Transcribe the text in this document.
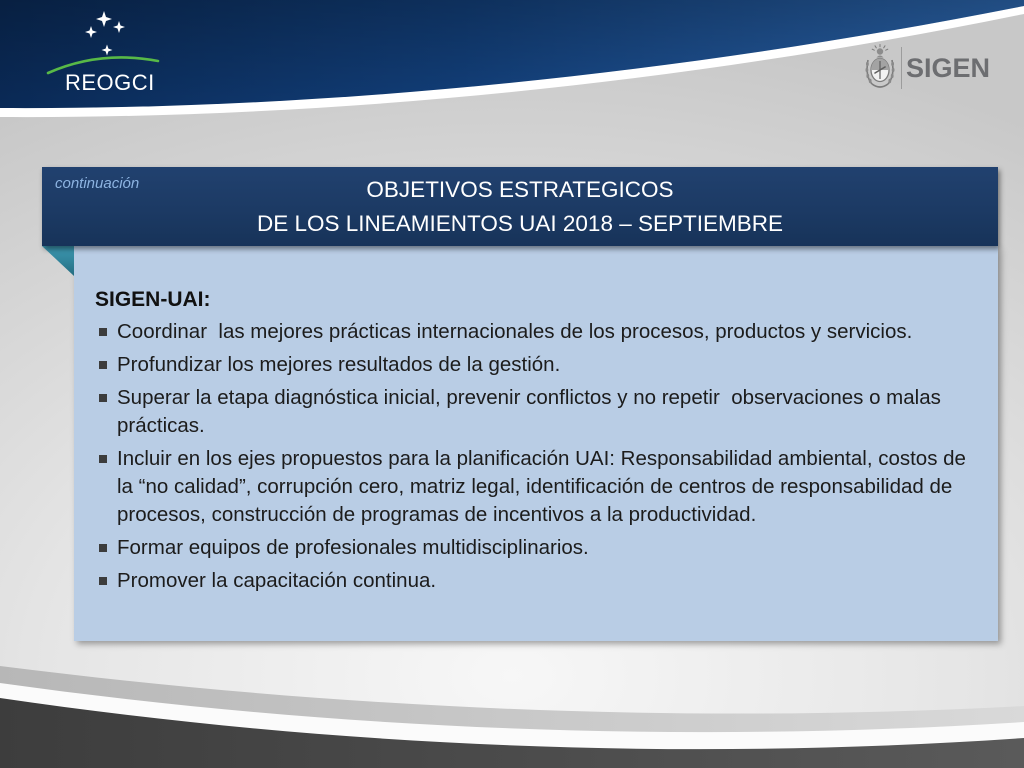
REOGCI	SIGEN
continuación	OBJETIVOS ESTRATEGICOS
DE LOS LINEAMIENTOS UAI 2018 – SEPTIEMBRE
SIGEN-UAI:
Coordinar  las mejores prácticas internacionales de los procesos, productos y servicios.
Profundizar los mejores resultados de la gestión.
Superar la etapa diagnóstica inicial, prevenir conflictos y no repetir  observaciones o malas
prácticas.
Incluir en los ejes propuestos para la planificación UAI: Responsabilidad ambiental, costos de
la “no calidad”, corrupción cero, matriz legal, identificación de centros de responsabilidad de
procesos, construcción de programas de incentivos a la productividad.
Formar equipos de profesionales multidisciplinarios.
Promover la capacitación continua.
